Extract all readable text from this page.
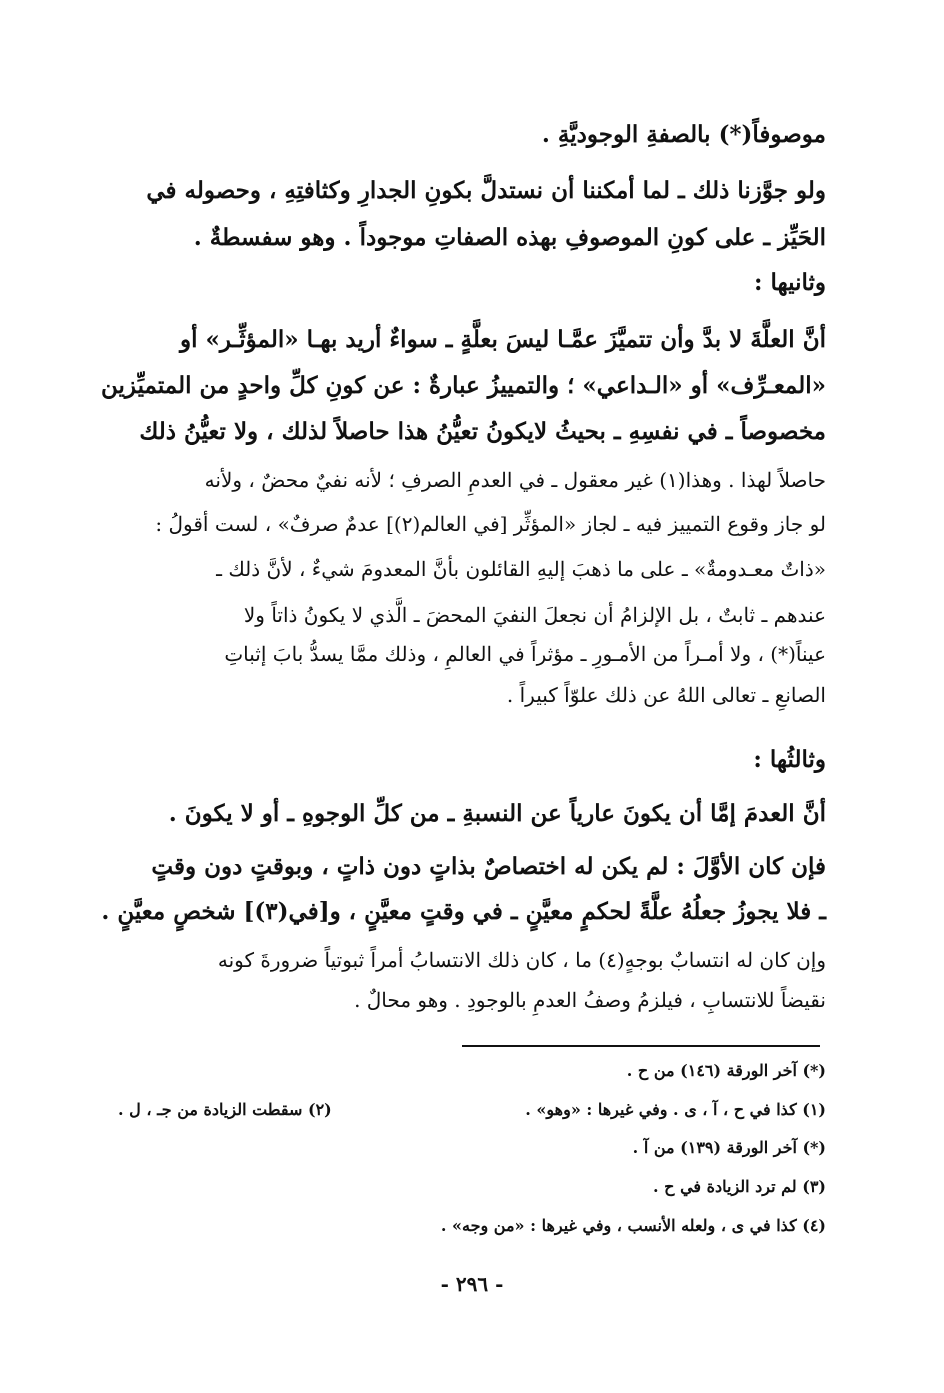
موصوفاً(*) بالصفةِ الوجوديَّةِ .
ولو جوَّزنا ذلك ـ لما أمكننا أن نستدلَّ بكونِ الجدارِ وكثافتِهِ ، وحصوله في
الحَيِّز ـ على كونِ الموصوفِ بهذه الصفاتِ موجوداً . وهو سفسطةٌ .
وثانيها :
أنَّ العلَّةَ لا بدَّ وأن تتميَّزَ عمَّـا ليسَ بعلَّةٍ ـ سواءٌ أريد بهـا «المؤثِّـر» أو
«المعـرِّف» أو «الـداعي» ؛ والتمييزُ عبارةٌ : عن كونِ كلِّ واحدٍ من المتميِّزين
مخصوصاً ـ في نفسِهِ ـ بحيثُ لايكونُ تعيُّنُ هذا حاصلاً لذلك ، ولا تعيُّنُ ذلك
حاصلاً لهذا . وهذا(١) غير معقول ـ في العدمِ الصرفِ ؛ لأنه نفيٌ محضٌ ، ولأنه
لو جاز وقوع التمييز فيه ـ لجاز «المؤثِّر [في العالم(٢)] عدمٌ صرفٌ» ، لست أقولُ :
«ذاتٌ معـدومةٌ» ـ على ما ذهبَ إليهِ القائلون بأنَّ المعدومَ شيءٌ ، لأنَّ ذلك ـ
عندهم ـ ثابتٌ ، بل الإلزامُ أن نجعلَ النفيَ المحضَ ـ الَّذي لا يكونُ ذاتاً ولا
عيناً(*) ، ولا أمـراً من الأمـورِ ـ مؤثراً في العالمِ ، وذلك ممَّا يسدُّ بابَ إثباتِ
الصانعِ ـ تعالى اللهُ عن ذلك علوّاً كبيراً .
وثالثُها :
أنَّ العدمَ إمَّا أن يكونَ عارياً عن النسبةِ ـ من كلِّ الوجوهِ ـ أو لا يكونَ .
فإن كان الأوَّلَ : لم يكن له اختصاصٌ بذاتٍ دون ذاتٍ ، وبوقتٍ دون وقتٍ
ـ فلا يجوزُ جعلُهُ علَّةً لحكمٍ معيَّنٍ ـ في وقتٍ معيَّنٍ ، و[في(٣)] شخصٍ معيَّنٍ .
وإن كان له انتسابٌ بوجهٍ(٤) ما ، كان ذلك الانتسابُ أمراً ثبوتياً ضرورةَ كونه
نقيضاً للانتسابِ ، فيلزمُ وصفُ العدمِ بالوجودِ . وهو محالٌ .
(*) آخر الورقة (١٤٦) من ح .
(١) كذا في ح ، آ ، ى . وفي غيرها : «وهو» .
(٢) سقطت الزيادة من جـ ، ل .
(*) آخر الورقة (١٣٩) من آ .
(٣) لم ترد الزيادة في ح .
(٤) كذا في ى ، ولعله الأنسب ، وفي غيرها : «من وجه» .
- ٢٩٦ -
